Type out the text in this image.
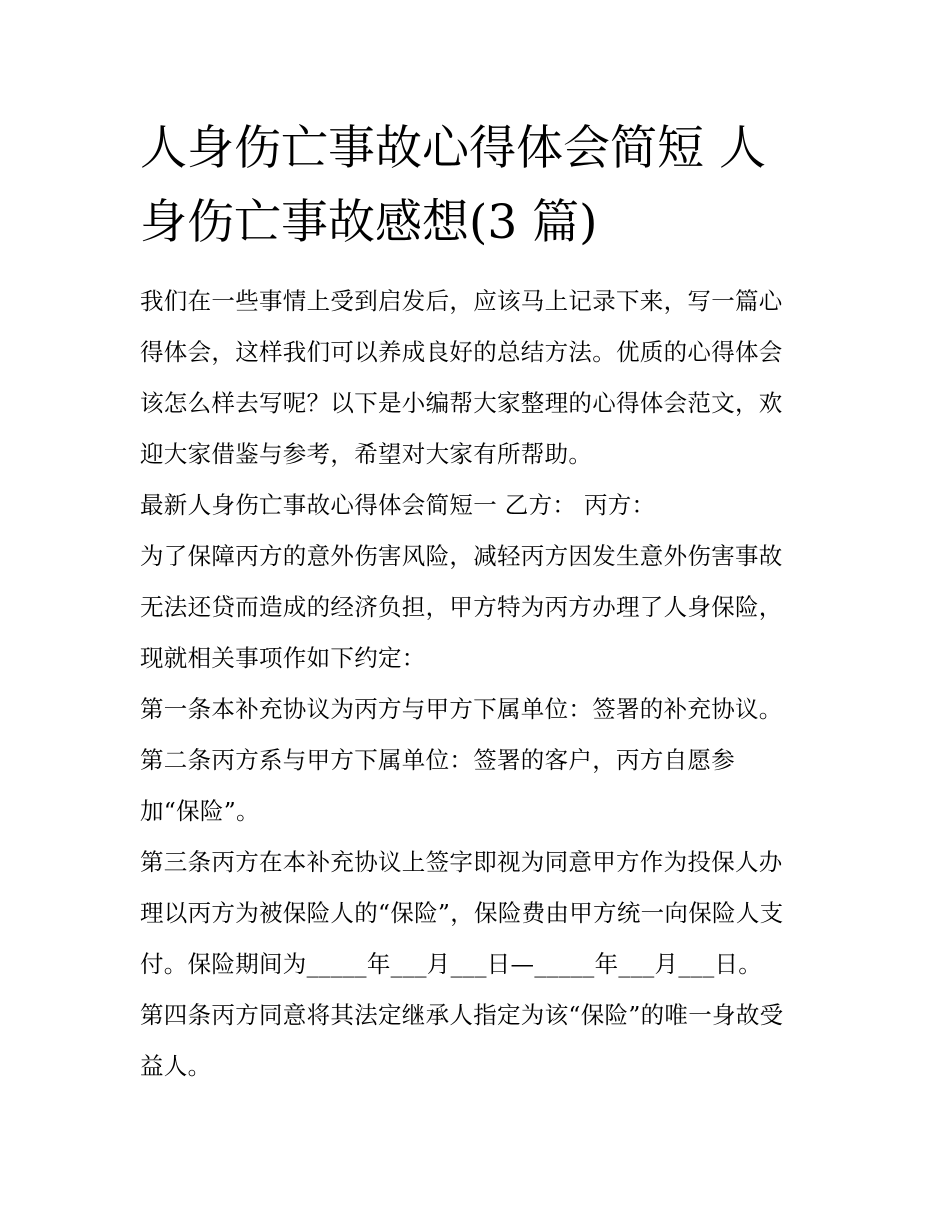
人身伤亡事故心得体会简短 人
身伤亡事故感想(3 篇)
我们在一些事情上受到启发后，应该马上记录下来，写一篇心
得体会，这样我们可以养成良好的总结方法。优质的心得体会
该怎么样去写呢？以下是小编帮大家整理的心得体会范文，欢
迎大家借鉴与参考，希望对大家有所帮助。
最新人身伤亡事故心得体会简短一 乙方： 丙方：
为了保障丙方的意外伤害风险，减轻丙方因发生意外伤害事故
无法还贷而造成的经济负担，甲方特为丙方办理了人身保险，
现就相关事项作如下约定：
第一条本补充协议为丙方与甲方下属单位：签署的补充协议。
第二条丙方系与甲方下属单位：签署的客户，丙方自愿参
加“保险”。
第三条丙方在本补充协议上签字即视为同意甲方作为投保人办
理以丙方为被保险人的“保险”，保险费由甲方统一向保险人支
付。保险期间为_____年___月___日—_____年___月___日。
第四条丙方同意将其法定继承人指定为该“保险”的唯一身故受
益人。
